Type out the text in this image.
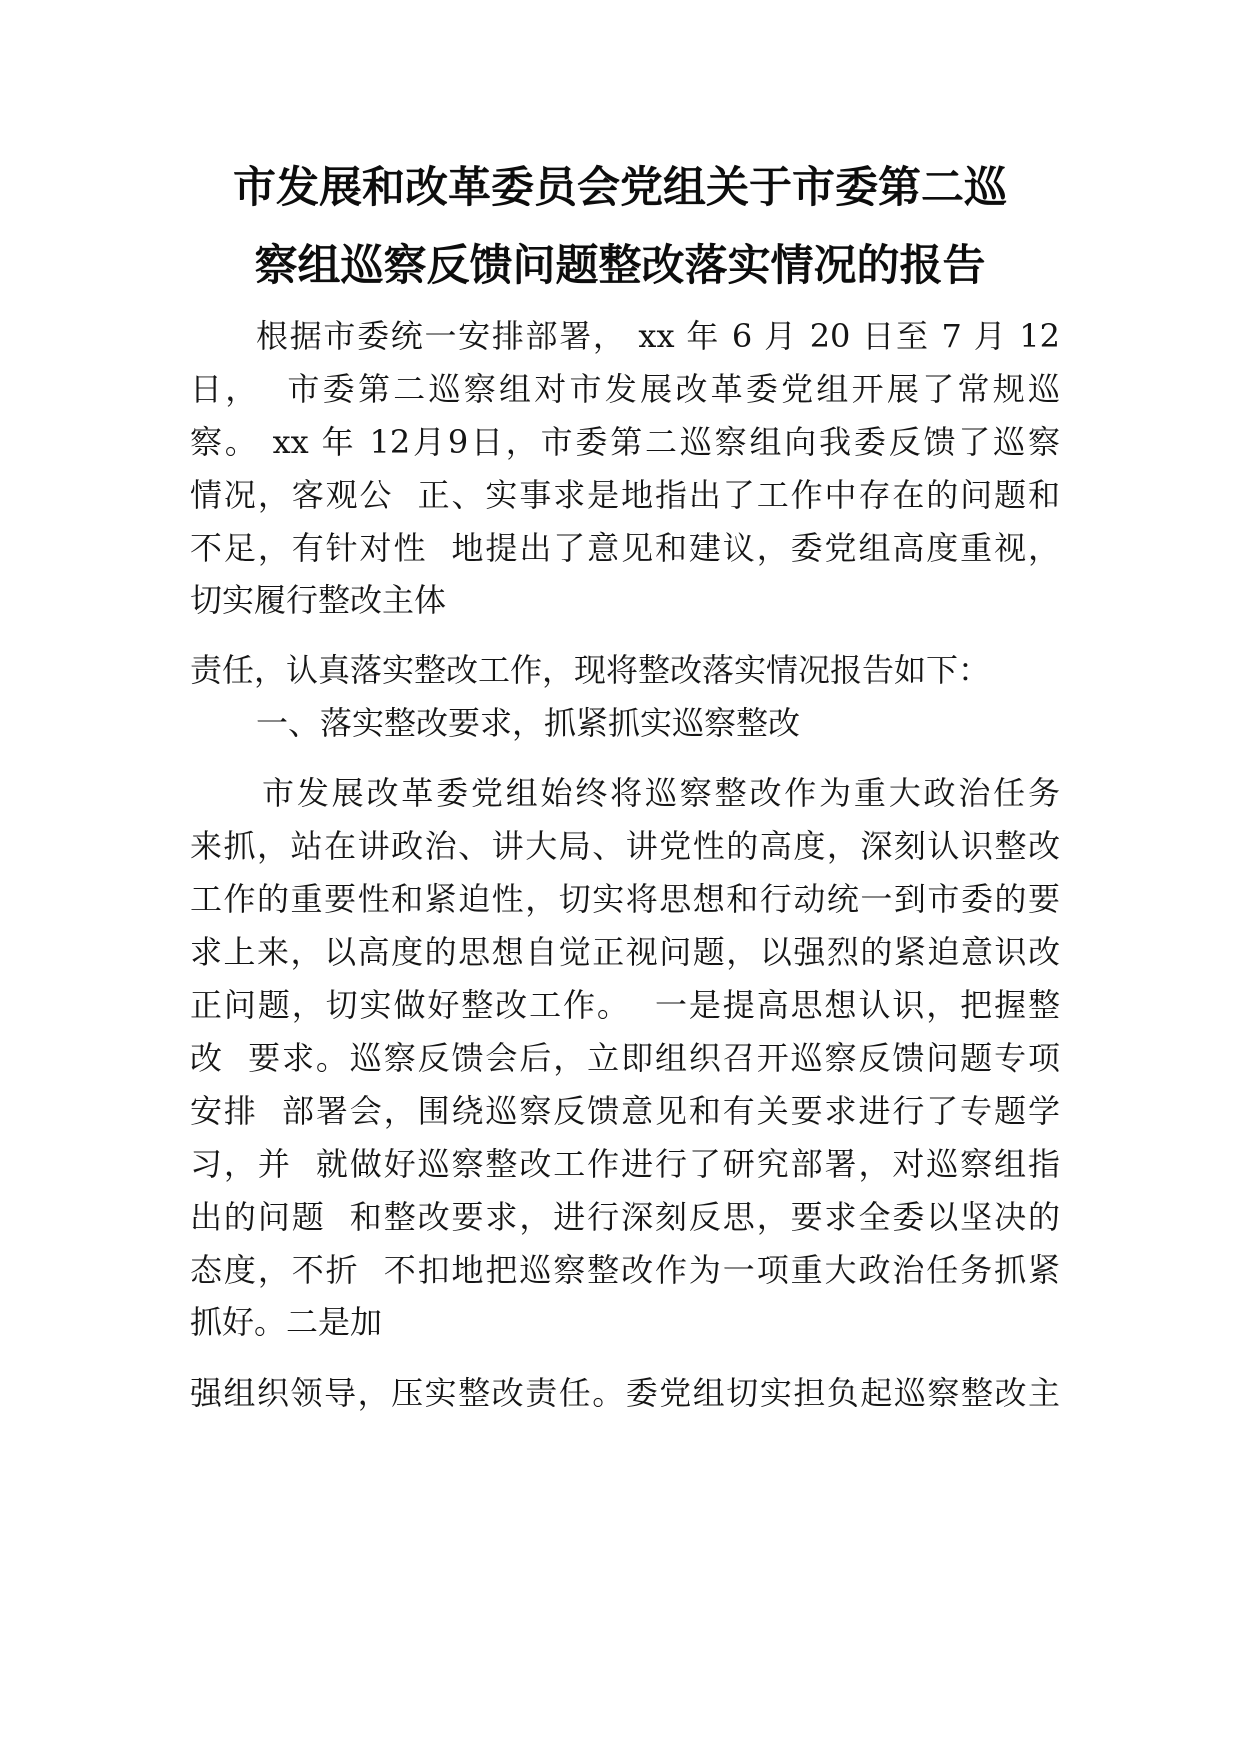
市发展和改革委员会党组关于市委第二巡
察组巡察反馈问题整改落实情况的报告
根据市委统一安排部署， xx 年 6 月 20 日至 7 月 12
日，  市委第二巡察组对市发展改革委党组开展了常规巡
察。 xx 年 12月9日，市委第二巡察组向我委反馈了巡察
情况，客观公  正、实事求是地指出了工作中存在的问题和
不足，有针对性  地提出了意见和建议，委党组高度重视，
切实履行整改主体
责任，认真落实整改工作，现将整改落实情况报告如下：
一、落实整改要求，抓紧抓实巡察整改
市发展改革委党组始终将巡察整改作为重大政治任务
来抓，站在讲政治、讲大局、讲党性的高度，深刻认识整改
工作的重要性和紧迫性，切实将思想和行动统一到市委的要
求上来，以高度的思想自觉正视问题，以强烈的紧迫意识改
正问题，切实做好整改工作。  一是提高思想认识，把握整
改  要求。巡察反馈会后，立即组织召开巡察反馈问题专项
安排  部署会，围绕巡察反馈意见和有关要求进行了专题学
习，并  就做好巡察整改工作进行了研究部署，对巡察组指
出的问题  和整改要求，进行深刻反思，要求全委以坚决的
态度，不折  不扣地把巡察整改作为一项重大政治任务抓紧
抓好。二是加
强组织领导，压实整改责任。委党组切实担负起巡察整改主
